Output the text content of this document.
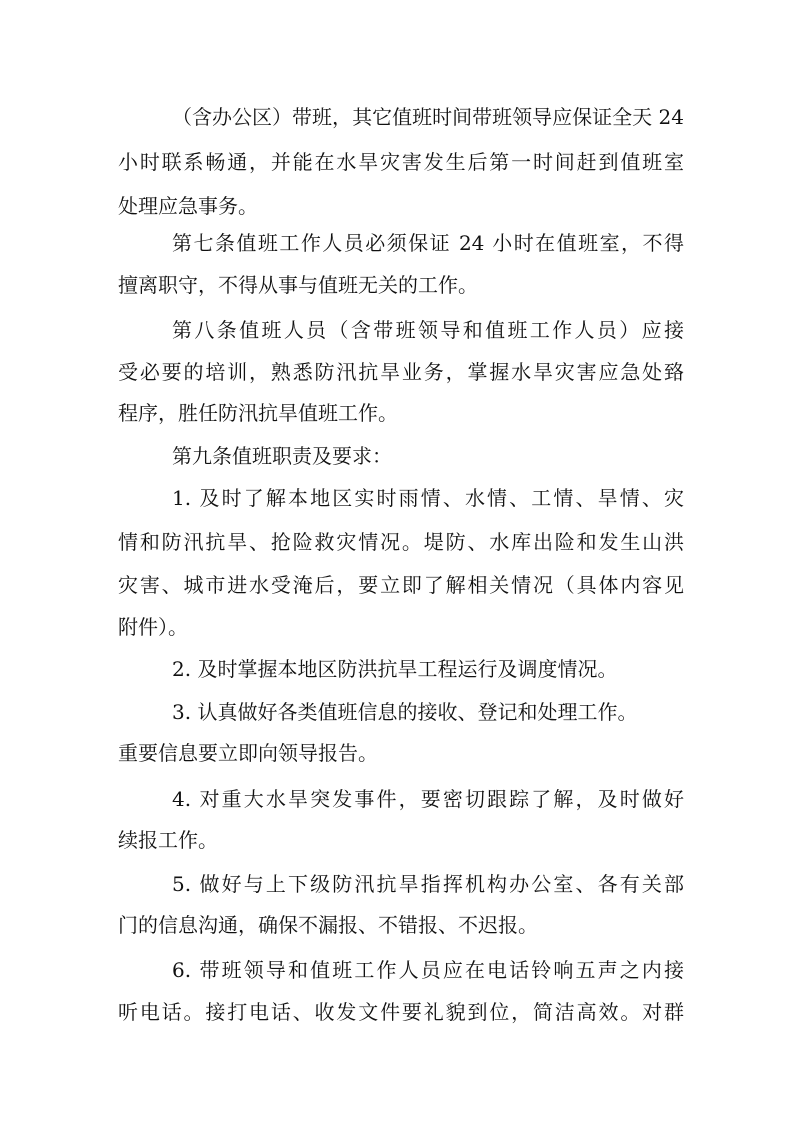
（含办公区）带班，其它值班时间带班领导应保证全天 24
小时联系畅通，并能在水旱灾害发生后第一时间赶到值班室
处理应急事务。
第七条值班工作人员必须保证 24 小时在值班室，不得
擅离职守，不得从事与值班无关的工作。
第八条值班人员（含带班领导和值班工作人员）应接
受必要的培训，熟悉防汛抗旱业务，掌握水旱灾害应急处臵
程序，胜任防汛抗旱值班工作。
第九条值班职责及要求：
1. 及时了解本地区实时雨情、水情、工情、旱情、灾
情和防汛抗旱、抢险救灾情况。堤防、水库出险和发生山洪
灾害、城市进水受淹后，要立即了解相关情况（具体内容见
附件）。
2. 及时掌握本地区防洪抗旱工程运行及调度情况。
3. 认真做好各类值班信息的接收、登记和处理工作。
重要信息要立即向领导报告。
4. 对重大水旱突发事件，要密切跟踪了解，及时做好
续报工作。
5. 做好与上下级防汛抗旱指挥机构办公室、各有关部
门的信息沟通，确保不漏报、不错报、不迟报。
6. 带班领导和值班工作人员应在电话铃响五声之内接
听电话。接打电话、收发文件要礼貌到位，简洁高效。对群
